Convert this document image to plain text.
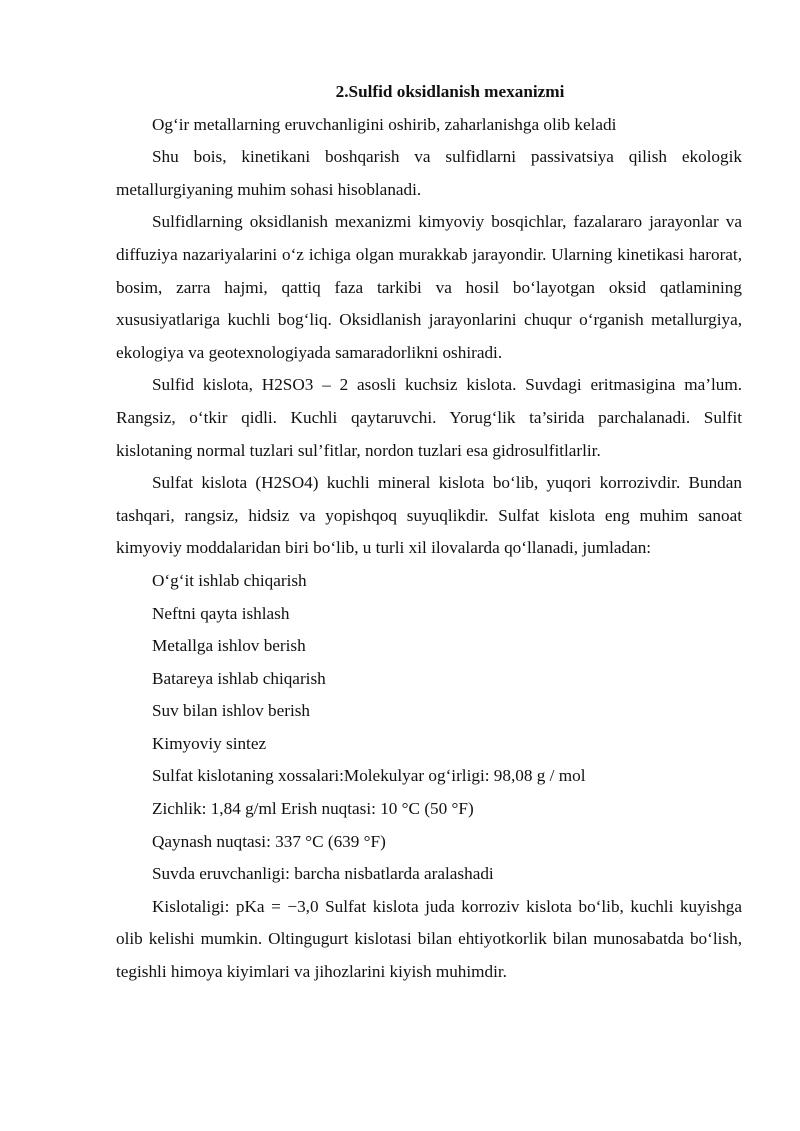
2.Sulfid oksidlanish mexanizmi

Og‘ir metallarning eruvchanligini oshirib, zaharlanishga olib keladi

Shu bois, kinetikani boshqarish va sulfidlarni passivatsiya qilish ekologik metallurgiyaning muhim sohasi hisoblanadi.

Sulfidlarning oksidlanish mexanizmi kimyoviy bosqichlar, fazalararo jarayonlar va diffuziya nazariyalarini o‘z ichiga olgan murakkab jarayondir. Ularning kinetikasi harorat, bosim, zarra hajmi, qattiq faza tarkibi va hosil bo‘layotgan oksid qatlamining xususiyatlariga kuchli bog‘liq. Oksidlanish jarayonlarini chuqur o‘rganish metallurgiya, ekologiya va geotexnologiyada samaradorlikni oshiradi.

Sulfid kislota, H2SO3 – 2 asosli kuchsiz kislota. Suvdagi eritmasigina ma’lum. Rangsiz, o‘tkir qidli. Kuchli qaytaruvchi. Yorug‘lik ta’sirida parchalanadi. Sulfit kislotaning normal tuzlari sul’fitlar, nordon tuzlari esa gidrosulfitlarlir.

Sulfat kislota (H2SO4) kuchli mineral kislota bo‘lib, yuqori korrozivdir. Bundan tashqari, rangsiz, hidsiz va yopishqoq suyuqlikdir. Sulfat kislota eng muhim sanoat kimyoviy moddalaridan biri bo‘lib, u turli xil ilovalarda qo‘llanadi, jumladan:

O‘g‘it ishlab chiqarish

Neftni qayta ishlash

Metallga ishlov berish

Batareya ishlab chiqarish

Suv bilan ishlov berish

Kimyoviy sintez

Sulfat kislotaning xossalari:Molekulyar og‘irligi: 98,08 g / mol

Zichlik: 1,84 g/ml Erish nuqtasi: 10 °C (50 °F)

Qaynash nuqtasi: 337 °C (639 °F)

Suvda eruvchanligi: barcha nisbatlarda aralashadi

Kislotaligi: pKa = −3,0 Sulfat kislota juda korroziv kislota bo‘lib, kuchli kuyishga olib kelishi mumkin. Oltingugurt kislotasi bilan ehtiyotkorlik bilan munosabatda bo‘lish, tegishli himoya kiyimlari va jihozlarini kiyish muhimdir.
